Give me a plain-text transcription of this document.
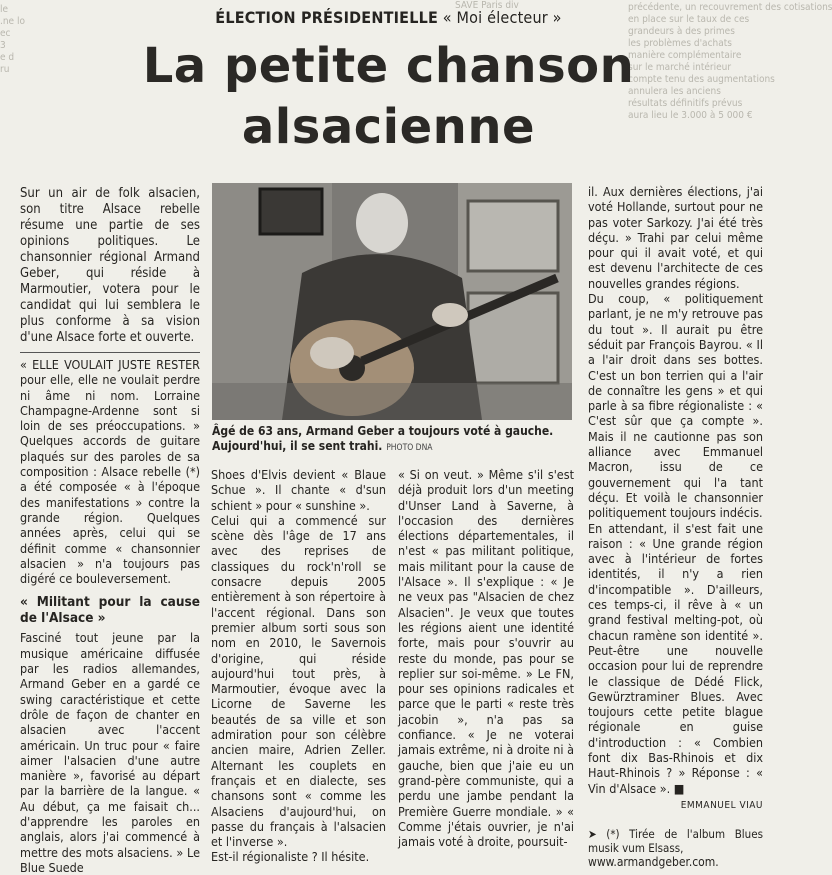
SAVE Paris div
le
.ne lo
ec
3
e d
ru
précédente, un recouvrement des cotisations
en place sur le taux de ces
grandeurs à des primes
les problèmes d'achats
manière complémentaire
sur le marché intérieur
compte tenu des augmentations
annulera les anciens
résultats définitifs prévus
aura lieu le 3.000 à 5 000 €
ÉLECTION PRÉSIDENTIELLE « Moi électeur »
La petite chanson
alsacienne

Sur un air de folk alsacien, son titre Alsace rebelle résume une partie de ses opinions politiques. Le chansonnier régional Armand Geber, qui réside à Marmoutier, votera pour le candidat qui lui semblera le plus conforme à sa vision d'une Alsace forte et ouverte.

« ELLE VOULAIT JUSTE RESTER pour elle, elle ne voulait perdre ni âme ni nom. Lorraine Champagne-Ardenne sont si loin de ses préoccupations. » Quelques accords de guitare plaqués sur des paroles de sa composition : Alsace rebelle (*) a été composée « à l'époque des manifestations » contre la grande région. Quelques années après, celui qui se définit comme « chansonnier alsacien » n'a toujours pas digéré ce bouleversement.

« Militant pour la cause de l'Alsace »

Fasciné tout jeune par la musique américaine diffusée par les radios allemandes, Armand Geber en a gardé ce swing caractéristique et cette drôle de façon de chanter en alsacien avec l'accent américain. Un truc pour « faire aimer l'alsacien d'une autre manière », favorisé au départ par la barrière de la langue. « Au début, ça me faisait ch... d'apprendre les paroles en anglais, alors j'ai commencé à mettre des mots alsaciens. » Le Blue Suede

Âgé de 63 ans, Armand Geber a toujours voté à gauche. Aujourd'hui, il se sent trahi. PHOTO DNA

Shoes d'Elvis devient « Blaue Schue ». Il chante « d'sun schient » pour « sunshine ».

Celui qui a commencé sur scène dès l'âge de 17 ans avec des reprises de classiques du rock'n'roll se consacre depuis 2005 entièrement à son répertoire à l'accent régional. Dans son premier album sorti sous son nom en 2010, le Savernois d'origine, qui réside aujourd'hui tout près, à Marmoutier, évoque avec la Licorne de Saverne les beautés de sa ville et son admiration pour son célèbre ancien maire, Adrien Zeller. Alternant les couplets en français et en dialecte, ses chansons sont « comme les Alsaciens d'aujourd'hui, on passe du français à l'alsacien et l'inverse ».

Est-il régionaliste ? Il hésite.

« Si on veut. » Même s'il s'est déjà produit lors d'un meeting d'Unser Land à Saverne, à l'occasion des dernières élections départementales, il n'est « pas militant politique, mais militant pour la cause de l'Alsace ». Il s'explique : « Je ne veux pas "Alsacien de chez Alsacien". Je veux que toutes les régions aient une identité forte, mais pour s'ouvrir au reste du monde, pas pour se replier sur soi-même. » Le FN, pour ses opinions radicales et parce que le parti « reste très jacobin », n'a pas sa confiance. « Je ne voterai jamais extrême, ni à droite ni à gauche, bien que j'aie eu un grand-père communiste, qui a perdu une jambe pendant la Première Guerre mondiale. » « Comme j'étais ouvrier, je n'ai jamais voté à droite, poursuit-

il. Aux dernières élections, j'ai voté Hollande, surtout pour ne pas voter Sarkozy. J'ai été très déçu. » Trahi par celui même pour qui il avait voté, et qui est devenu l'architecte de ces nouvelles grandes régions.

Du coup, « politiquement parlant, je ne m'y retrouve pas du tout ». Il aurait pu être séduit par François Bayrou. « Il a l'air droit dans ses bottes. C'est un bon terrien qui a l'air de connaître les gens » et qui parle à sa fibre régionaliste : « C'est sûr que ça compte ». Mais il ne cautionne pas son alliance avec Emmanuel Macron, issu de ce gouvernement qui l'a tant déçu. Et voilà le chansonnier politiquement toujours indécis.

En attendant, il s'est fait une raison : « Une grande région avec à l'intérieur de fortes identités, il n'y a rien d'incompatible ». D'ailleurs, ces temps-ci, il rêve à « un grand festival melting-pot, où chacun ramène son identité ». Peut-être une nouvelle occasion pour lui de reprendre le classique de Dédé Flick, Gewürztraminer Blues. Avec toujours cette petite blague régionale en guise d'introduction : « Combien font dix Bas-Rhinois et dix Haut-Rhinois ? » Réponse : « Vin d'Alsace ». ■

EMMANUEL VIAU
➤ (*) Tirée de l'album Blues musik vum Elsass,
www.armandgeber.com.
